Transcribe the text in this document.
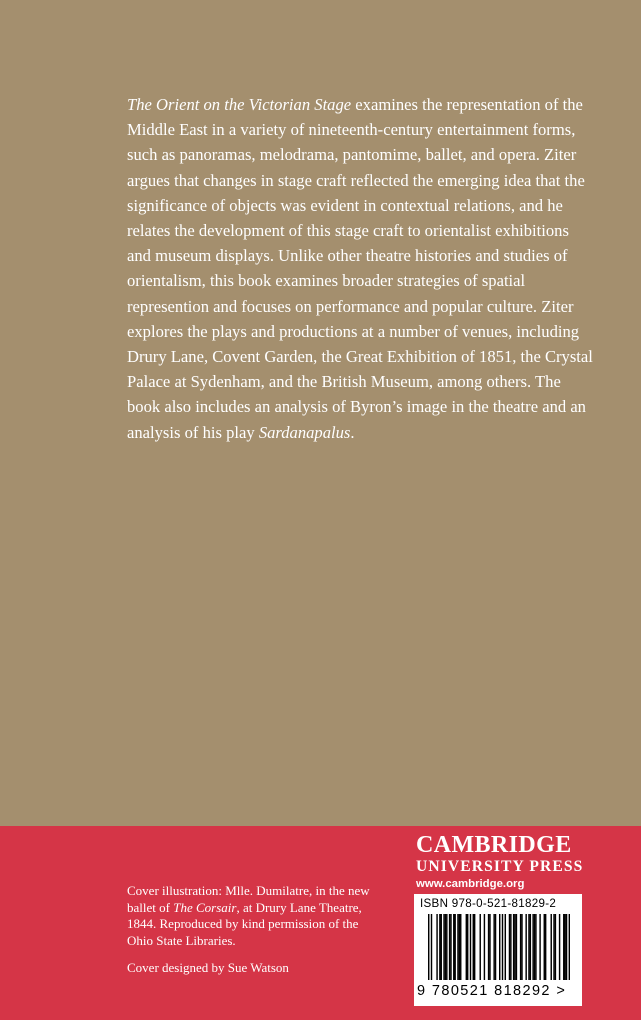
The Orient on the Victorian Stage examines the representation of the Middle East in a variety of nineteenth-century entertainment forms, such as panoramas, melodrama, pantomime, ballet, and opera. Ziter argues that changes in stage craft reflected the emerging idea that the significance of objects was evident in contextual relations, and he relates the development of this stage craft to orientalist exhibitions and museum displays. Unlike other theatre histories and studies of orientalism, this book examines broader strategies of spatial represention and focuses on performance and popular culture. Ziter explores the plays and productions at a number of venues, including Drury Lane, Covent Garden, the Great Exhibition of 1851, the Crystal Palace at Sydenham, and the British Museum, among others. The book also includes an analysis of Byron’s image in the theatre and an analysis of his play Sardanapalus.

Cover illustration: Mlle. Dumilatre, in the new ballet of The Corsair, at Drury Lane Theatre, 1844. Reproduced by kind permission of the Ohio State Libraries.

Cover designed by Sue Watson

CAMBRIDGE

UNIVERSITY PRESS

www.cambridge.org

ISBN 978-0-521-81829-2

9 780521 818292 >
